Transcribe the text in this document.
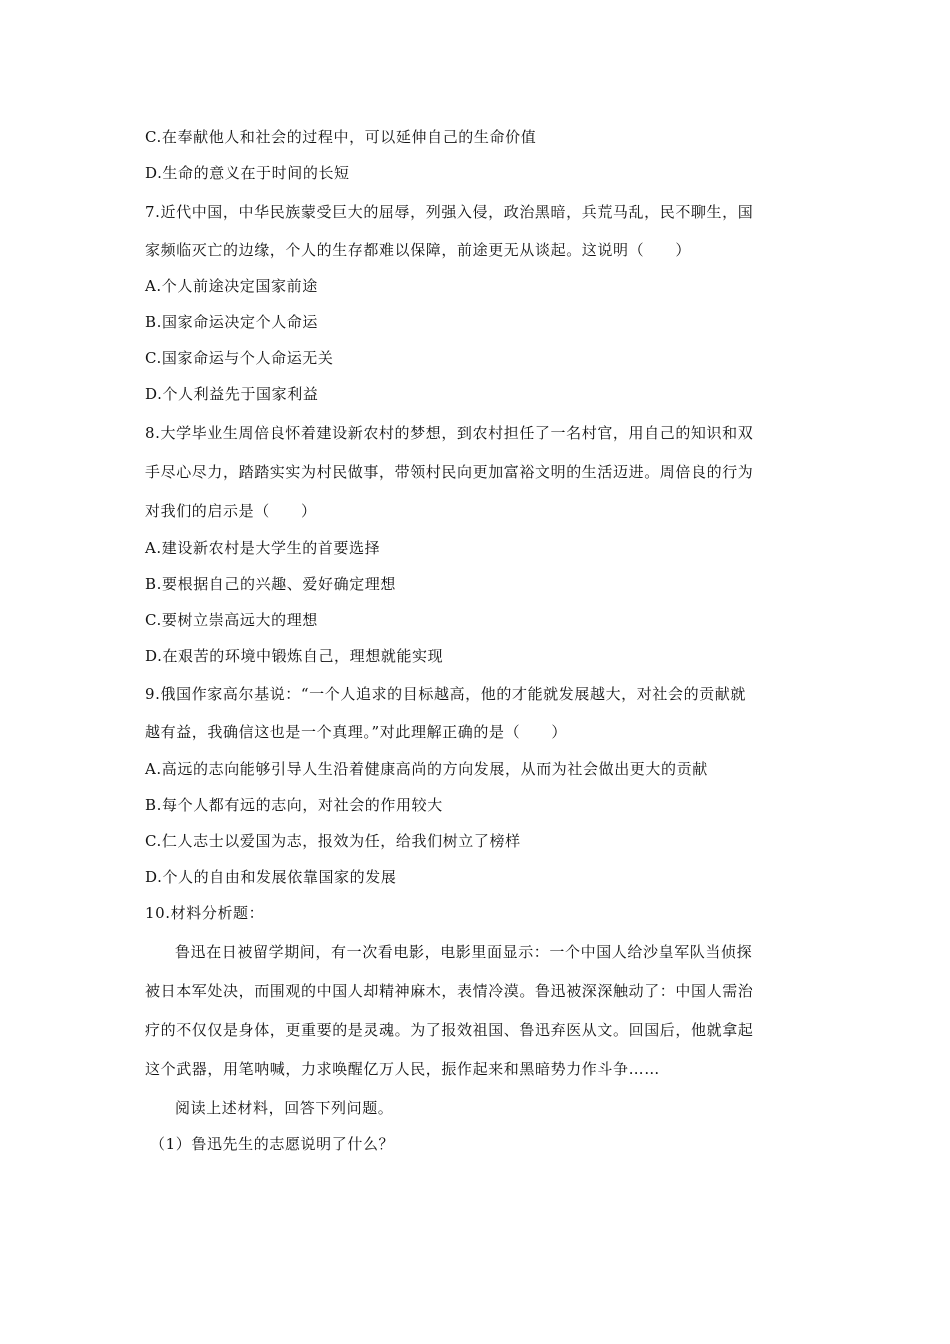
C.在奉献他人和社会的过程中，可以延伸自己的生命价值
D.生命的意义在于时间的长短
7.近代中国，中华民族蒙受巨大的屈辱，列强入侵，政治黑暗，兵荒马乱，民不聊生，国
家频临灭亡的边缘，个人的生存都难以保障，前途更无从谈起。这说明（　　）
A.个人前途决定国家前途
B.国家命运决定个人命运
C.国家命运与个人命运无关
D.个人利益先于国家利益
8.大学毕业生周倍良怀着建设新农村的梦想，到农村担任了一名村官，用自己的知识和双
手尽心尽力，踏踏实实为村民做事，带领村民向更加富裕文明的生活迈进。周倍良的行为
对我们的启示是（　　）
A.建设新农村是大学生的首要选择
B.要根据自己的兴趣、爱好确定理想
C.要树立崇高远大的理想
D.在艰苦的环境中锻炼自己，理想就能实现
9.俄国作家高尔基说：“一个人追求的目标越高，他的才能就发展越大，对社会的贡献就
越有益，我确信这也是一个真理。”对此理解正确的是（　　）
A.高远的志向能够引导人生沿着健康高尚的方向发展，从而为社会做出更大的贡献
B.每个人都有远的志向，对社会的作用较大
C.仁人志士以爱国为志，报效为任，给我们树立了榜样
D.个人的自由和发展依靠国家的发展
10.材料分析题：
鲁迅在日被留学期间，有一次看电影，电影里面显示：一个中国人给沙皇军队当侦探
被日本军处决，而围观的中国人却精神麻木，表情冷漠。鲁迅被深深触动了：中国人需治
疗的不仅仅是身体，更重要的是灵魂。为了报效祖国、鲁迅弃医从文。回国后，他就拿起
这个武器，用笔呐喊，力求唤醒亿万人民，振作起来和黑暗势力作斗争……
阅读上述材料，回答下列问题。
（1）鲁迅先生的志愿说明了什么？
